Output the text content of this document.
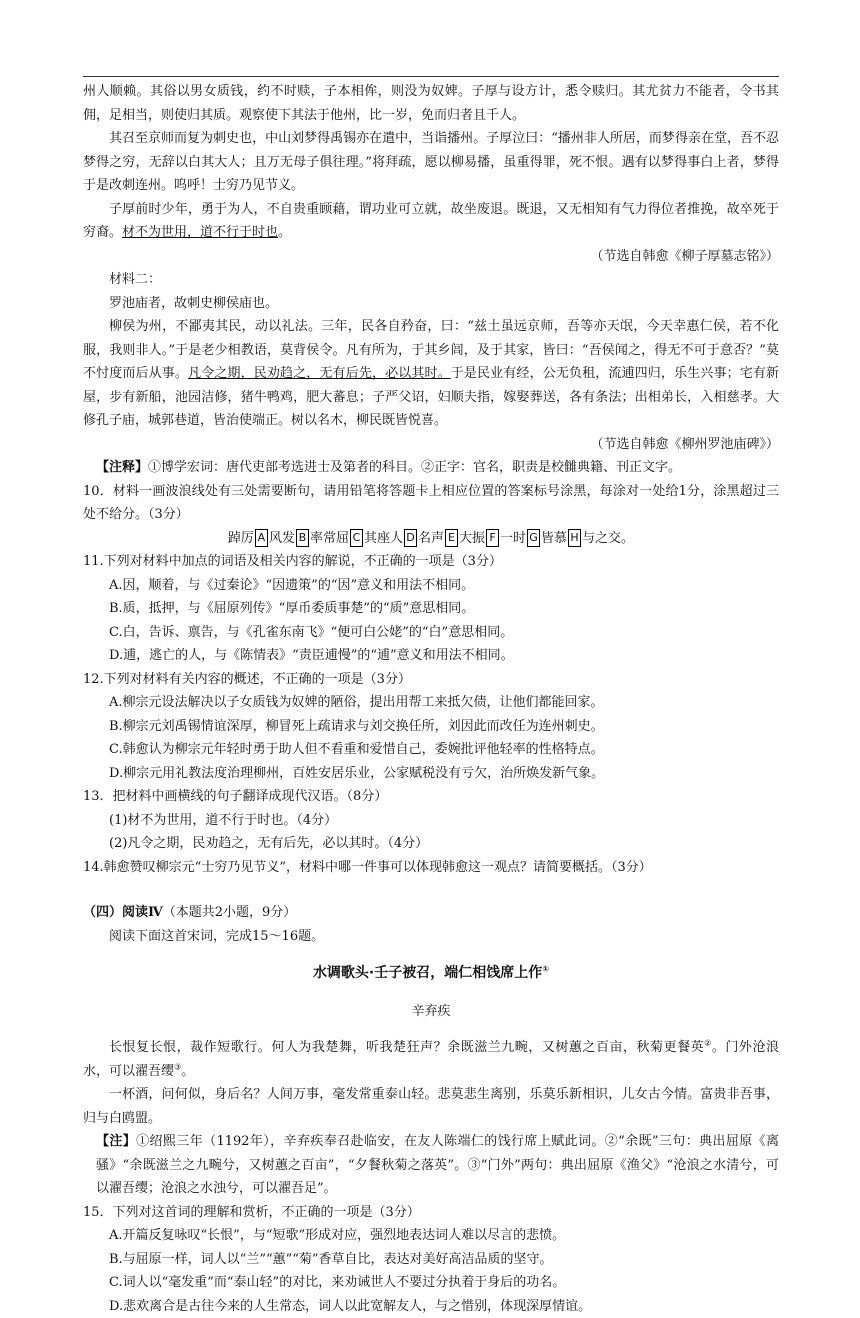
州人顺赖。其俗以男女质钱，约不时赎，子本相侔，则没为奴婢。子厚与设方计，悉令赎归。其尤贫力不能者，令书其佣，足相当，则使归其质。观察使下其法于他州，比一岁，免而归者且千人。

其召至京师而复为刺史也，中山刘梦得禹锡亦在遣中，当诣播州。子厚泣曰：“播州非人所居，而梦得亲在堂，吾不忍梦得之穷，无辞以白其大人；且万无母子俱往理。”将拜疏，愿以柳易播，虽重得罪，死不恨。遇有以梦得事白上者，梦得于是改刺连州。呜呼！士穷乃见节义。

子厚前时少年，勇于为人，不自贵重顾藉，谓功业可立就，故坐废退。既退，又无相知有气力得位者推挽，故卒死于穷裔。材不为世用，道不行于时也。

（节选自韩愈《柳子厚墓志铭》）

材料二：

罗池庙者，故刺史柳侯庙也。

柳侯为州，不鄙夷其民，动以礼法。三年，民各自矜奋，曰：“兹土虽远京师，吾等亦天氓，今天幸惠仁侯，若不化服，我则非人。”于是老少相教语，莫背侯令。凡有所为，于其乡闾，及于其家，皆曰：“吾侯闻之，得无不可于意否？”莫不忖度而后从事。凡令之期，民劝趋之，无有后先，必以其时。于是民业有经，公无负租，流逋四归，乐生兴事；宅有新屋，步有新船，池园洁修，猪牛鸭鸡，肥大蕃息；子严父诏，妇顺夫指，嫁娶葬送，各有条法；出相弟长，入相慈孝。大修孔子庙，城郭巷道，皆治使端正。树以名木，柳民既皆悦喜。

（节选自韩愈《柳州罗池庙碑》）

【注释】①博学宏词：唐代吏部考选进士及第者的科目。②正字：官名，职责是校雠典籍、刊正文字。

10．材料一画波浪线处有三处需要断句，请用铅笔将答题卡上相应位置的答案标号涂黑，每涂对一处给1分，涂黑超过三处不给分。（3分）

踔厉 A 风发 B 率常屈 C 其座人 D 名声 E 大振 F 一时 G 皆慕 H 与之交。

11.下列对材料中加点的词语及相关内容的解说，不正确的一项是（3分）

A.因，顺着，与《过秦论》“因遗策”的“因”意义和用法不相同。

B.质，抵押，与《屈原列传》“厚币委质事楚”的“质”意思相同。

C.白，告诉、禀告，与《孔雀东南飞》“便可白公姥”的“白”意思相同。

D.逋，逃亡的人，与《陈情表》“责臣逋慢”的“逋”意义和用法不相同。

12.下列对材料有关内容的概述，不正确的一项是（3分）

A.柳宗元设法解决以子女质钱为奴婢的陋俗，提出用帮工来抵欠债，让他们都能回家。

B.柳宗元刘禹锡情谊深厚，柳冒死上疏请求与刘交换任所，刘因此而改任为连州刺史。

C.韩愈认为柳宗元年轻时勇于助人但不看重和爱惜自己，委婉批评他轻率的性格特点。

D.柳宗元用礼教法度治理柳州，百姓安居乐业，公家赋税没有亏欠，治所焕发新气象。

13．把材料中画横线的句子翻译成现代汉语。（8分）

(1)材不为世用，道不行于时也。（4分）

(2)凡令之期，民劝趋之，无有后先，必以其时。（4分）

14.韩愈赞叹柳宗元“士穷乃见节义”，材料中哪一件事可以体现韩愈这一观点？请简要概括。（3分）

（四）阅读Ⅳ（本题共2小题，9分）

阅读下面这首宋词，完成15～16题。

水调歌头·壬子被召，端仁相饯席上作①

辛弃疾

长恨复长恨，裁作短歌行。何人为我楚舞，听我楚狂声？余既滋兰九畹，又树蕙之百亩，秋菊更餐英②。门外沧浪水，可以濯吾缨③。

一杯酒，问何似，身后名？人间万事，毫发常重泰山轻。悲莫悲生离别，乐莫乐新相识，儿女古今情。富贵非吾事，归与白鸥盟。

【注】①绍熙三年（1192年），辛弃疾奉召赴临安，在友人陈端仁的饯行席上赋此词。②“余既”三句：典出屈原《离骚》“余既滋兰之九畹兮，又树蕙之百亩”，“夕餐秋菊之落英”。③“门外”两句：典出屈原《渔父》“沧浪之水清兮，可以濯吾缨；沧浪之水浊兮，可以濯吾足”。

15．下列对这首词的理解和赏析，不正确的一项是（3分）

A.开篇反复咏叹“长恨”，与“短歌”形成对应，强烈地表达词人难以尽言的悲愤。

B.与屈原一样，词人以“兰”“蕙”“菊”香草自比，表达对美好高洁品质的坚守。

C.词人以“毫发重”而“泰山轻”的对比，来劝诫世人不要过分执着于身后的功名。

D.悲欢离合是古往今来的人生常态，词人以此宽解友人，与之惜别，体现深厚情谊。
